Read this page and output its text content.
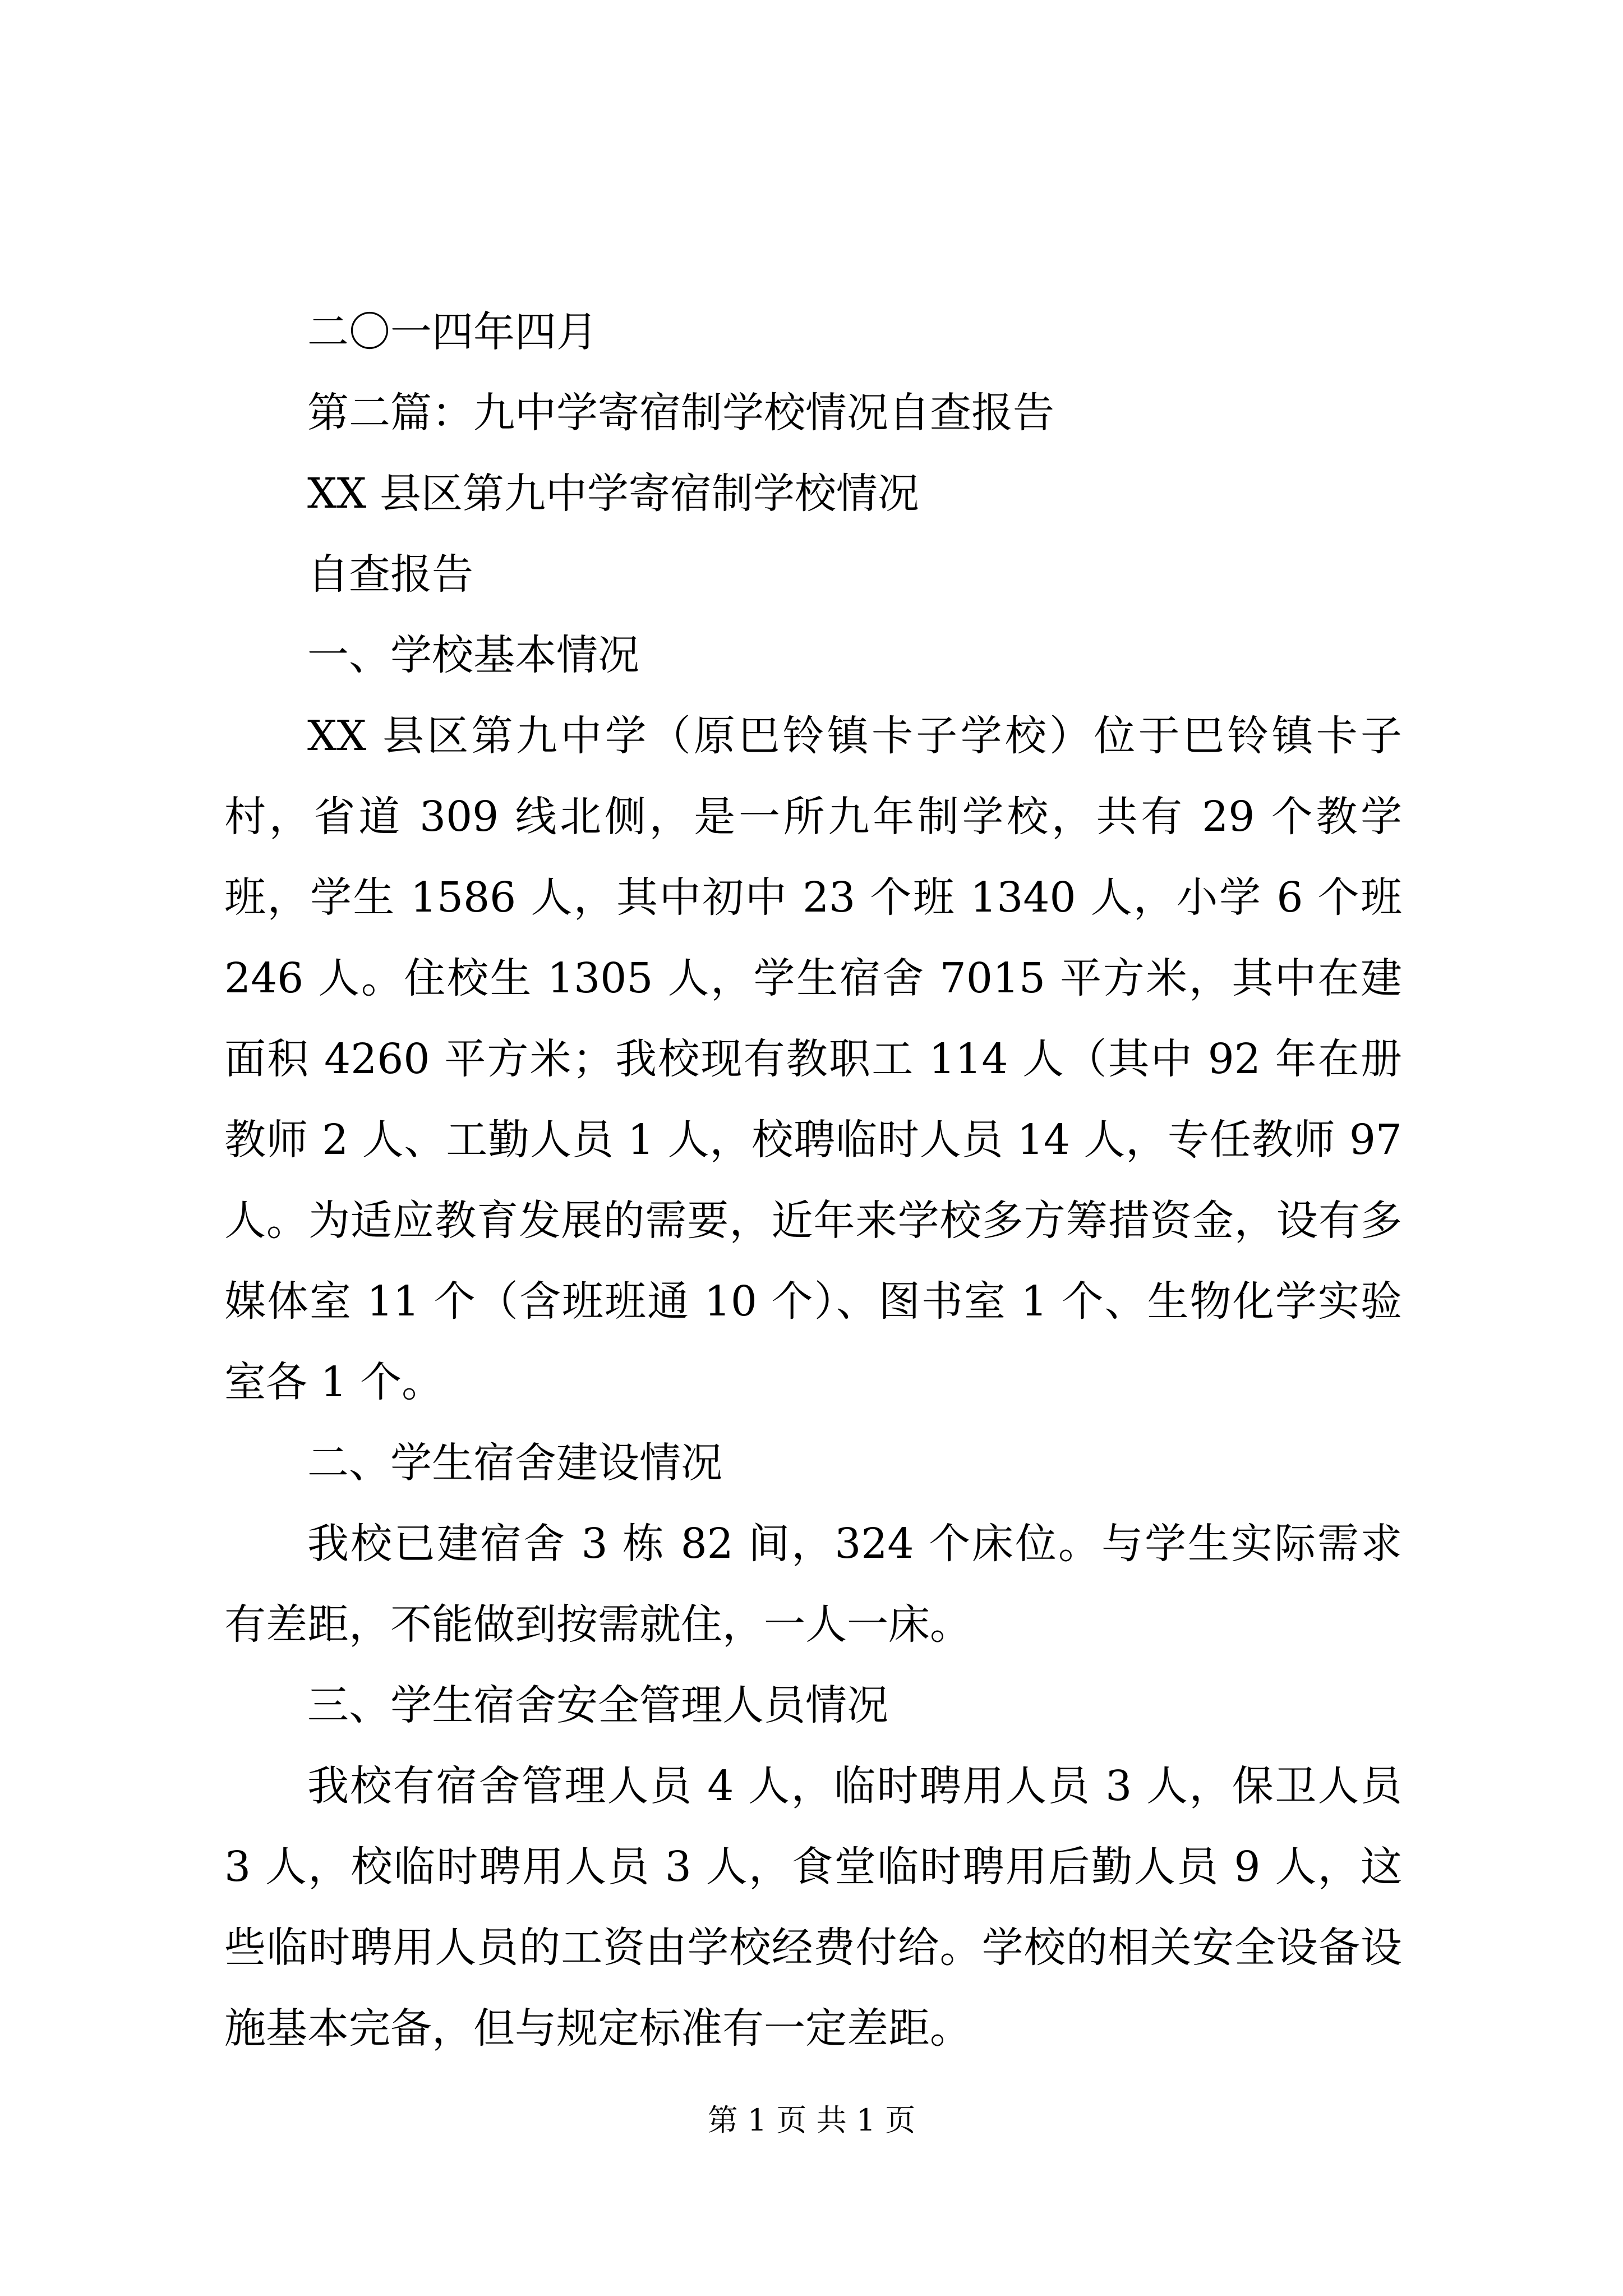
二〇一四年四月

第二篇：九中学寄宿制学校情况自查报告

XX 县区第九中学寄宿制学校情况

自查报告

一、学校基本情况

XX 县区第九中学（原巴铃镇卡子学校）位于巴铃镇卡子村，省道 309 线北侧，是一所九年制学校，共有 29 个教学班，学生 1586 人，其中初中 23 个班 1340 人，小学 6 个班 246 人。住校生 1305 人，学生宿舍 7015 平方米，其中在建面积 4260 平方米；我校现有教职工 114 人（其中 92 年在册教师 2 人、工勤人员 1 人，校聘临时人员 14 人，专任教师 97 人。为适应教育发展的需要，近年来学校多方筹措资金，设有多媒体室 11 个（含班班通 10 个）、图书室 1 个、生物化学实验室各 1 个。

二、学生宿舍建设情况

我校已建宿舍 3 栋 82 间，324 个床位。与学生实际需求有差距，不能做到按需就住，一人一床。

三、学生宿舍安全管理人员情况

我校有宿舍管理人员 4 人，临时聘用人员 3 人，保卫人员 3 人，校临时聘用人员 3 人，食堂临时聘用后勤人员 9 人，这些临时聘用人员的工资由学校经费付给。学校的相关安全设备设施基本完备，但与规定标准有一定差距。

第 1 页 共 1 页
